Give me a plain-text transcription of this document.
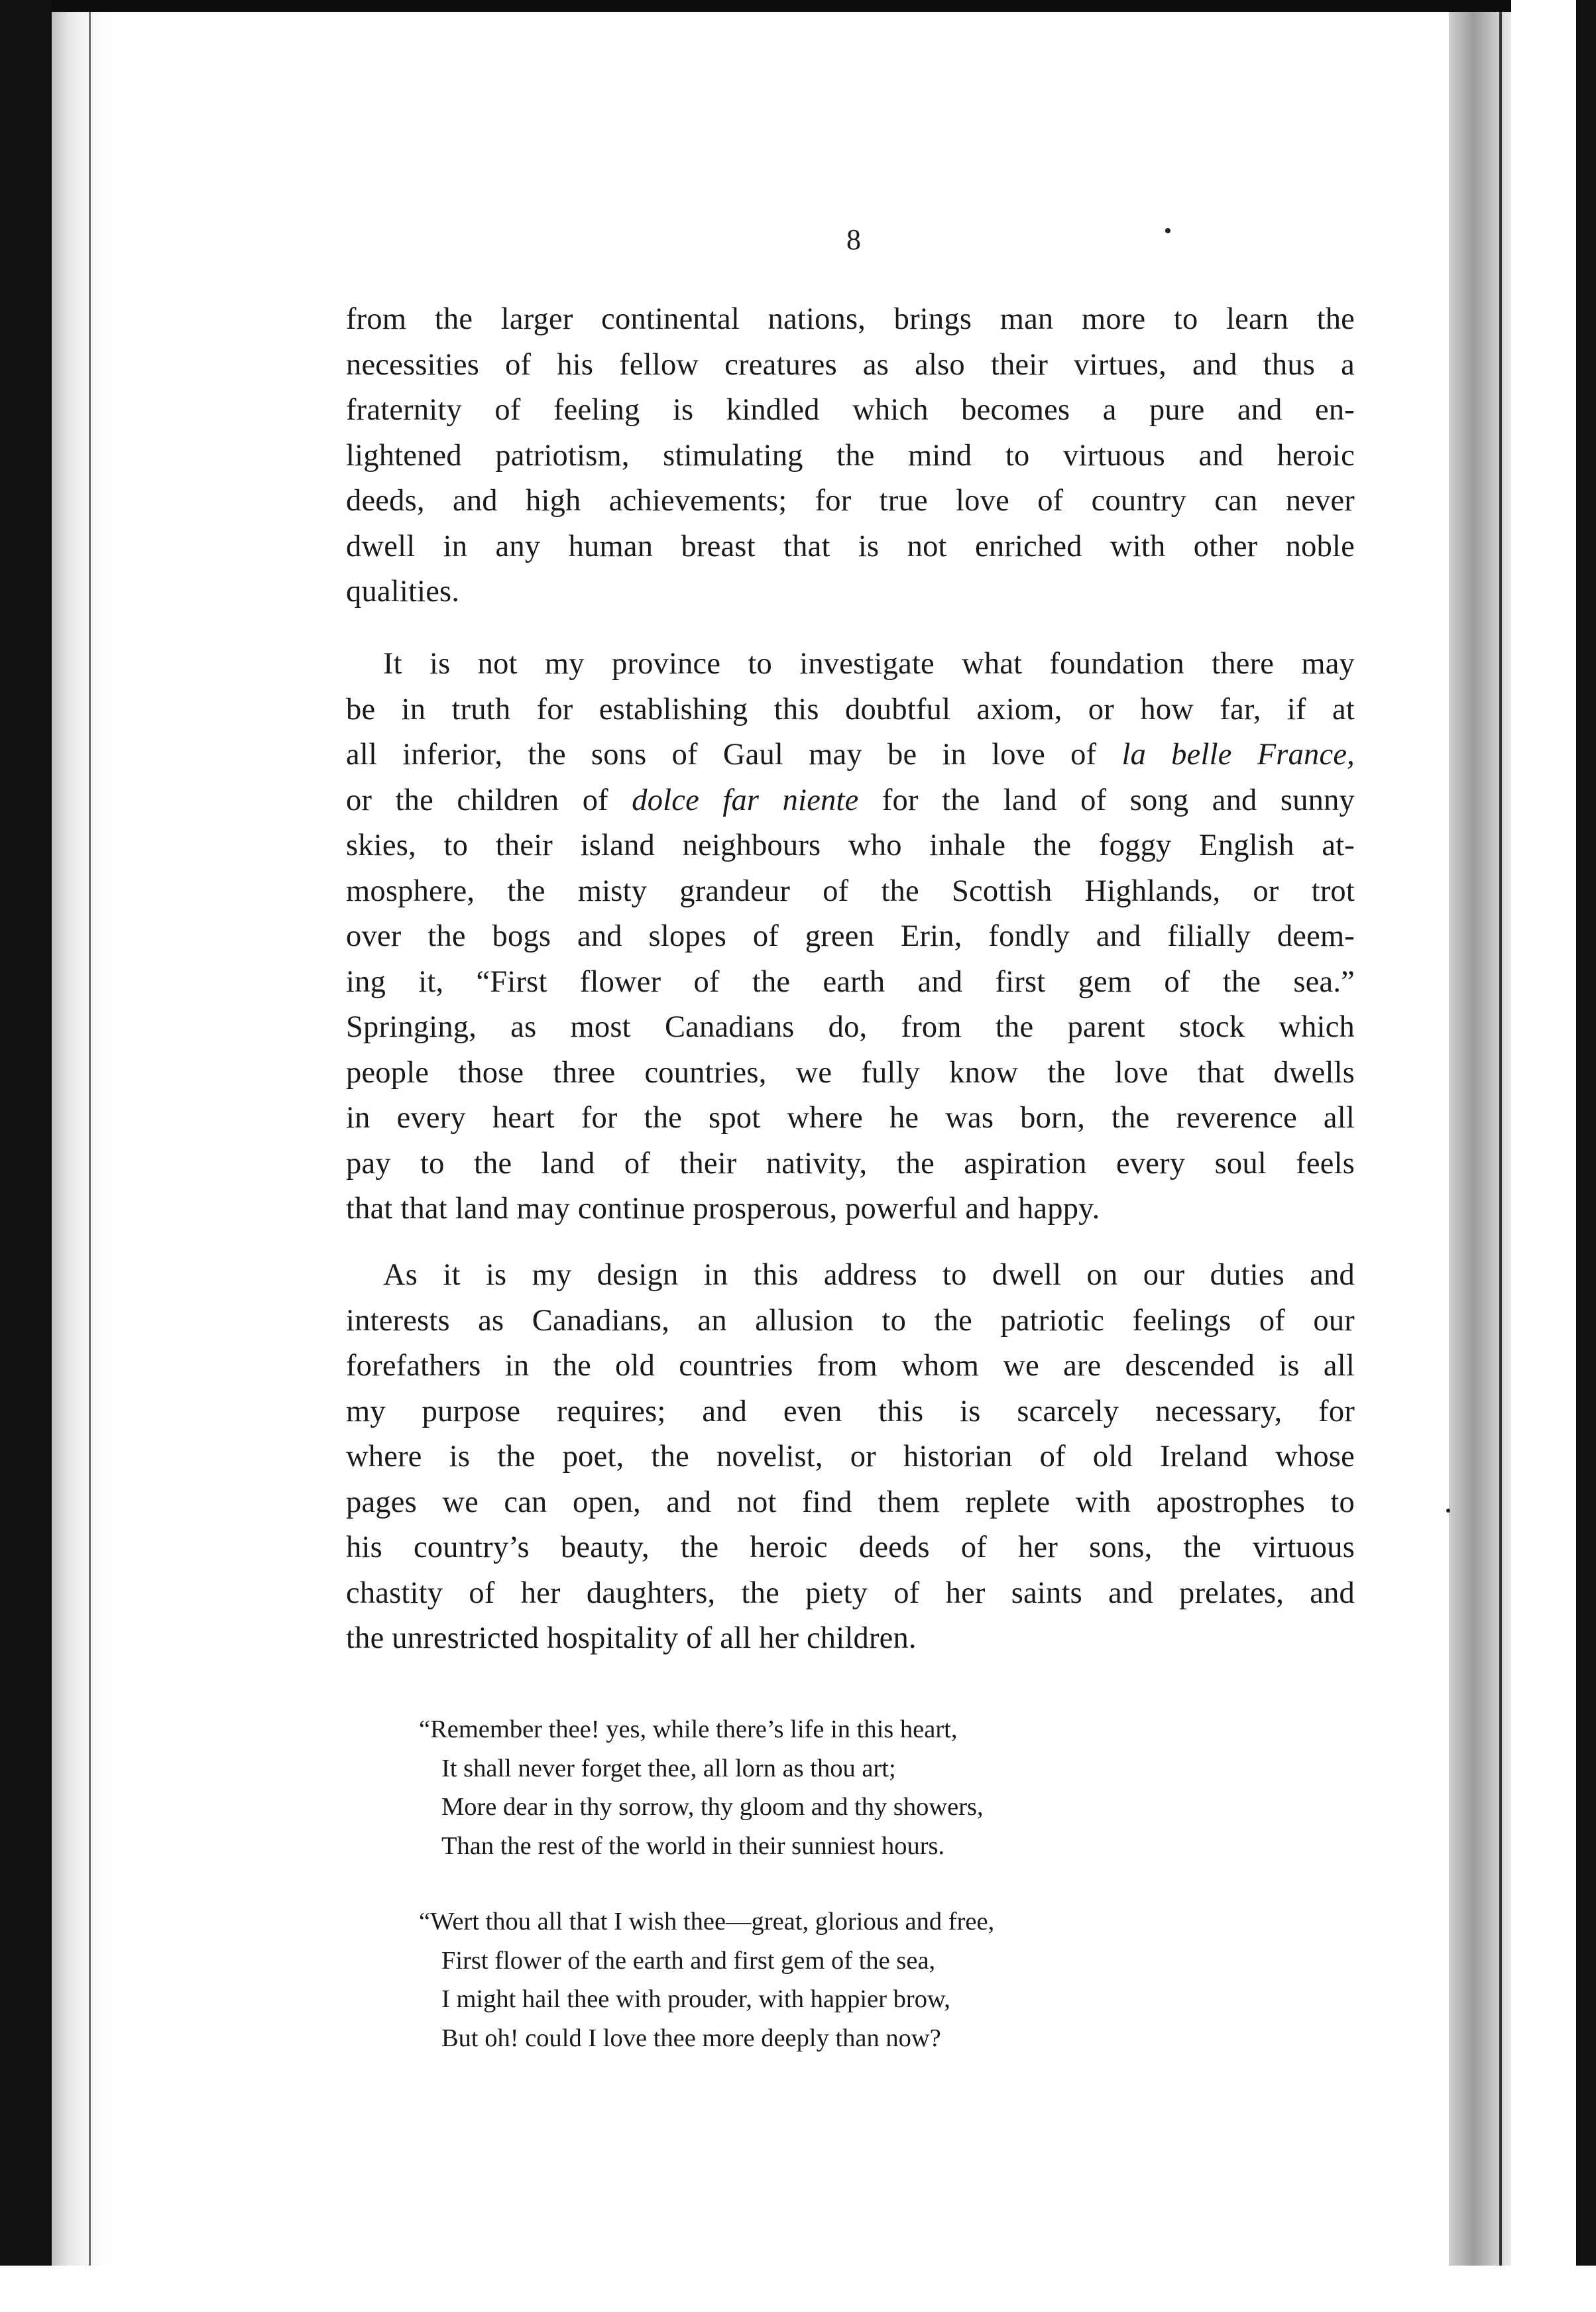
8
from the larger continental nations, brings man more to learn the
necessities of his fellow creatures as also their virtues, and thus a
fraternity of feeling is kindled which becomes a pure and en-
lightened patriotism, stimulating the mind to virtuous and heroic
deeds, and high achievements; for true love of country can never
dwell in any human breast that is not enriched with other noble
qualities.
It is not my province to investigate what foundation there may
be in truth for establishing this doubtful axiom, or how far, if at
all inferior, the sons of Gaul may be in love of la belle France,
or the children of dolce far niente for the land of song and sunny
skies, to their island neighbours who inhale the foggy English at-
mosphere, the misty grandeur of the Scottish Highlands, or trot
over the bogs and slopes of green Erin, fondly and filially deem-
ing it, “First flower of the earth and first gem of the sea.”
Springing, as most Canadians do, from the parent stock which
people those three countries, we fully know the love that dwells
in every heart for the spot where he was born, the reverence all
pay to the land of their nativity, the aspiration every soul feels
that that land may continue prosperous, powerful and happy.
As it is my design in this address to dwell on our duties and
interests as Canadians, an allusion to the patriotic feelings of our
forefathers in the old countries from whom we are descended is all
my purpose requires; and even this is scarcely necessary, for
where is the poet, the novelist, or historian of old Ireland whose
pages we can open, and not find them replete with apostrophes to
his country’s beauty, the heroic deeds of her sons, the virtuous
chastity of her daughters, the piety of her saints and prelates, and
the unrestricted hospitality of all her children.
“Remember thee! yes, while there’s life in this heart,
It shall never forget thee, all lorn as thou art;
More dear in thy sorrow, thy gloom and thy showers,
Than the rest of the world in their sunniest hours.
“Wert thou all that I wish thee—great, glorious and free,
First flower of the earth and first gem of the sea,
I might hail thee with prouder, with happier brow,
But oh! could I love thee more deeply than now?
